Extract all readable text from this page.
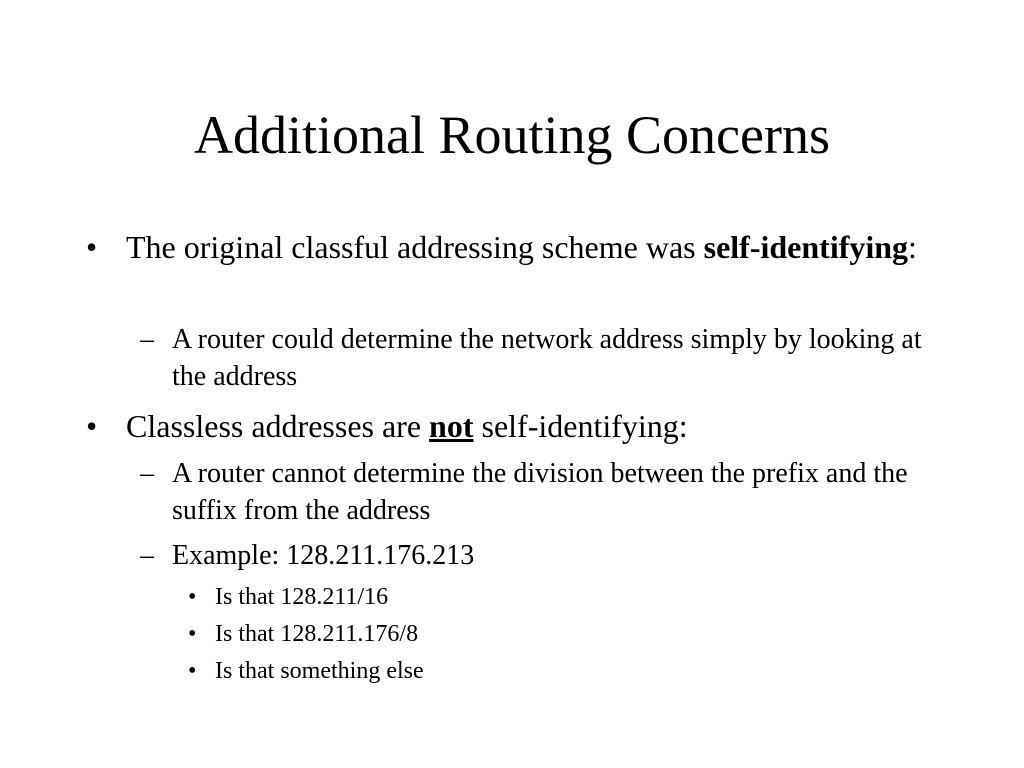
Additional Routing Concerns
• The original classful addressing scheme was self-identifying:
– A router could determine the network address simply by looking at the address
• Classless addresses are not self-identifying:
– A router cannot determine the division between the prefix and the suffix from the address
– Example: 128.211.176.213
• Is that 128.211/16
• Is that 128.211.176/8
• Is that something else
